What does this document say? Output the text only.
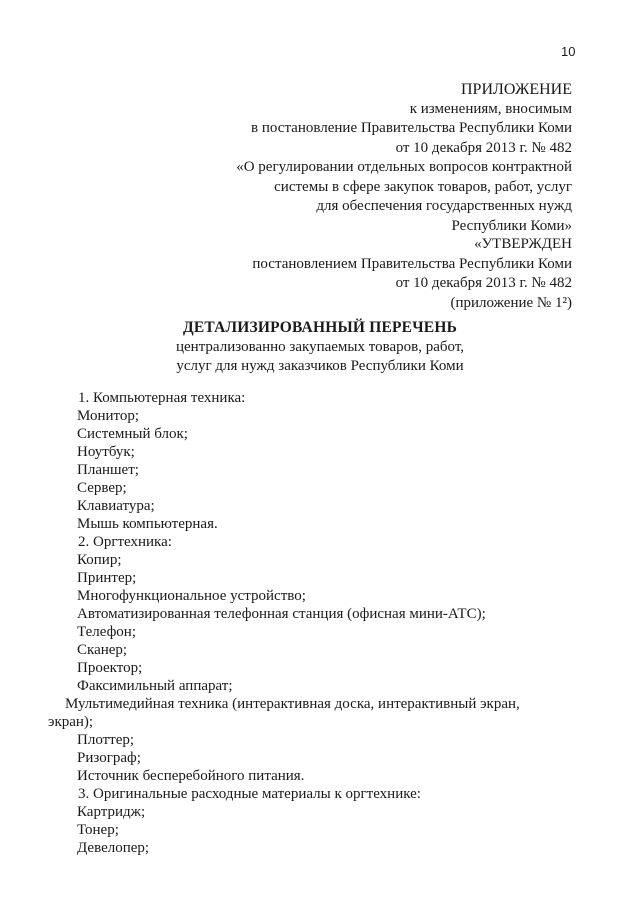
10
ПРИЛОЖЕНИЕ
к изменениям, вносимым
в постановление Правительства Республики Коми
от 10 декабря 2013 г. № 482
«О регулировании отдельных вопросов контрактной
системы в сфере закупок товаров, работ, услуг
для обеспечения государственных нужд
Республики Коми»
«УТВЕРЖДЕН
постановлением Правительства Республики Коми
от 10 декабря 2013 г. № 482
(приложение № 1²)
ДЕТАЛИЗИРОВАННЫЙ ПЕРЕЧЕНЬ
централизованно закупаемых товаров, работ,
услуг для нужд заказчиков Республики Коми
1. Компьютерная техника:
Монитор;
Системный блок;
Ноутбук;
Планшет;
Сервер;
Клавиатура;
Мышь компьютерная.
2. Оргтехника:
Копир;
Принтер;
Многофункциональное устройство;
Автоматизированная телефонная станция (офисная мини-АТС);
Телефон;
Сканер;
Проектор;
Факсимильный аппарат;
Мультимедийная техника (интерактивная доска, интерактивный экран,
экран);
Плоттер;
Ризограф;
Источник бесперебойного питания.
3. Оригинальные расходные материалы к оргтехнике:
Картридж;
Тонер;
Девелопер;
